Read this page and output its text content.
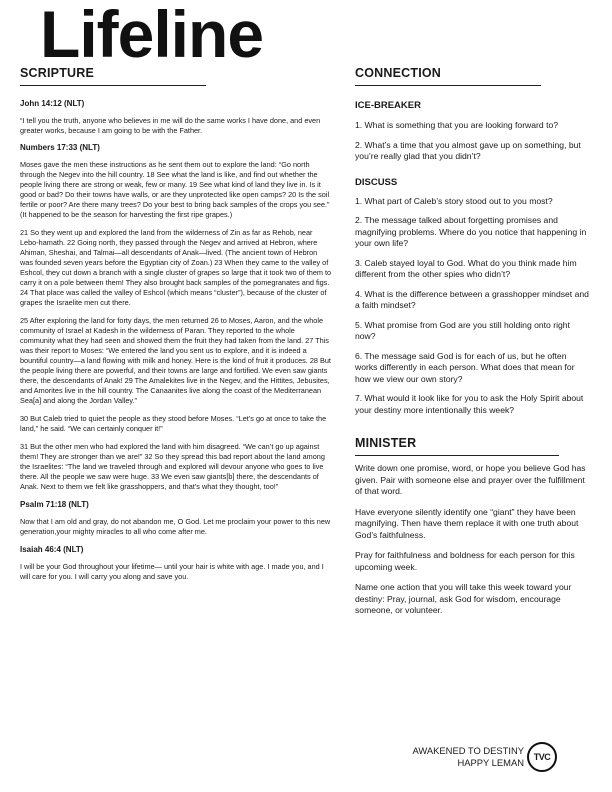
Lifeline
SCRIPTURE
John 14:12 (NLT)
“I tell you the truth, anyone who believes in me will do the same works I have done, and even greater works, because I am going to be with the Father.
Numbers 17:33 (NLT)
Moses gave the men these instructions as he sent them out to explore the land: “Go north through the Negev into the hill country. 18 See what the land is like, and find out whether the people living there are strong or weak, few or many. 19 See what kind of land they live in. Is it good or bad? Do their towns have walls, or are they unprotected like open camps? 20 Is the soil fertile or poor? Are there many trees? Do your best to bring back samples of the crops you see.” (It happened to be the season for harvesting the first ripe grapes.)
21 So they went up and explored the land from the wilderness of Zin as far as Rehob, near Lebo-hamath. 22 Going north, they passed through the Negev and arrived at Hebron, where Ahiman, Sheshai, and Talmai—all descendants of Anak—lived. (The ancient town of Hebron was founded seven years before the Egyptian city of Zoan.) 23 When they came to the valley of Eshcol, they cut down a branch with a single cluster of grapes so large that it took two of them to carry it on a pole between them! They also brought back samples of the pomegranates and figs. 24 That place was called the valley of Eshcol (which means “cluster”), because of the cluster of grapes the Israelite men cut there.
25 After exploring the land for forty days, the men returned 26 to Moses, Aaron, and the whole community of Israel at Kadesh in the wilderness of Paran. They reported to the whole community what they had seen and showed them the fruit they had taken from the land. 27 This was their report to Moses: “We entered the land you sent us to explore, and it is indeed a bountiful country—a land flowing with milk and honey. Here is the kind of fruit it produces. 28 But the people living there are powerful, and their towns are large and fortified. We even saw giants there, the descendants of Anak! 29 The Amalekites live in the Negev, and the Hittites, Jebusites, and Amorites live in the hill country. The Canaanites live along the coast of the Mediterranean Sea[a] and along the Jordan Valley.”
30 But Caleb tried to quiet the people as they stood before Moses. “Let’s go at once to take the land,” he said. “We can certainly conquer it!”
31 But the other men who had explored the land with him disagreed. “We can’t go up against them! They are stronger than we are!” 32 So they spread this bad report about the land among the Israelites: “The land we traveled through and explored will devour anyone who goes to live there. All the people we saw were huge. 33 We even saw giants[b] there, the descendants of Anak. Next to them we felt like grasshoppers, and that’s what they thought, too!”
Psalm 71:18 (NLT)
Now that I am old and gray, do not abandon me, O God. Let me proclaim your power to this new generation,your mighty miracles to all who come after me.
Isaiah 46:4 (NLT)
I will be your God throughout your lifetime— until your hair is white with age. I made you, and I will care for you. I will carry you along and save you.
CONNECTION
ICE-BREAKER
1. What is something that you are looking forward to?
2. What’s a time that you almost gave up on something, but you’re really glad that you didn’t?
DISCUSS
1. What part of Caleb’s story stood out to you most?
2. The message talked about forgetting promises and magnifying problems. Where do you notice that happening in your own life?
3. Caleb stayed loyal to God. What do you think made him different from the other spies who didn’t?
4. What is the difference between a grasshopper mindset and a faith mindset?
5. What promise from God are you still holding onto right now?
6. The message said God is for each of us, but he often works differently in each person. What does that mean for how we view our own story?
7. What would it look like for you to ask the Holy Spirit about your destiny more intentionally this week?
MINISTER
Write down one promise, word, or hope you believe God has given. Pair with someone else and prayer over the fulfillment of that word.
Have everyone silently identify one “giant” they have been magnifying. Then have them replace it with one truth about God’s faithfulness.
Pray for faithfulness and boldness for each person for this upcoming week.
Name one action that you will take this week toward your destiny: Pray, journal, ask God for wisdom, encourage someone, or volunteer.
AWAKENED TO DESTINY
HAPPY LEMAN	TVC
